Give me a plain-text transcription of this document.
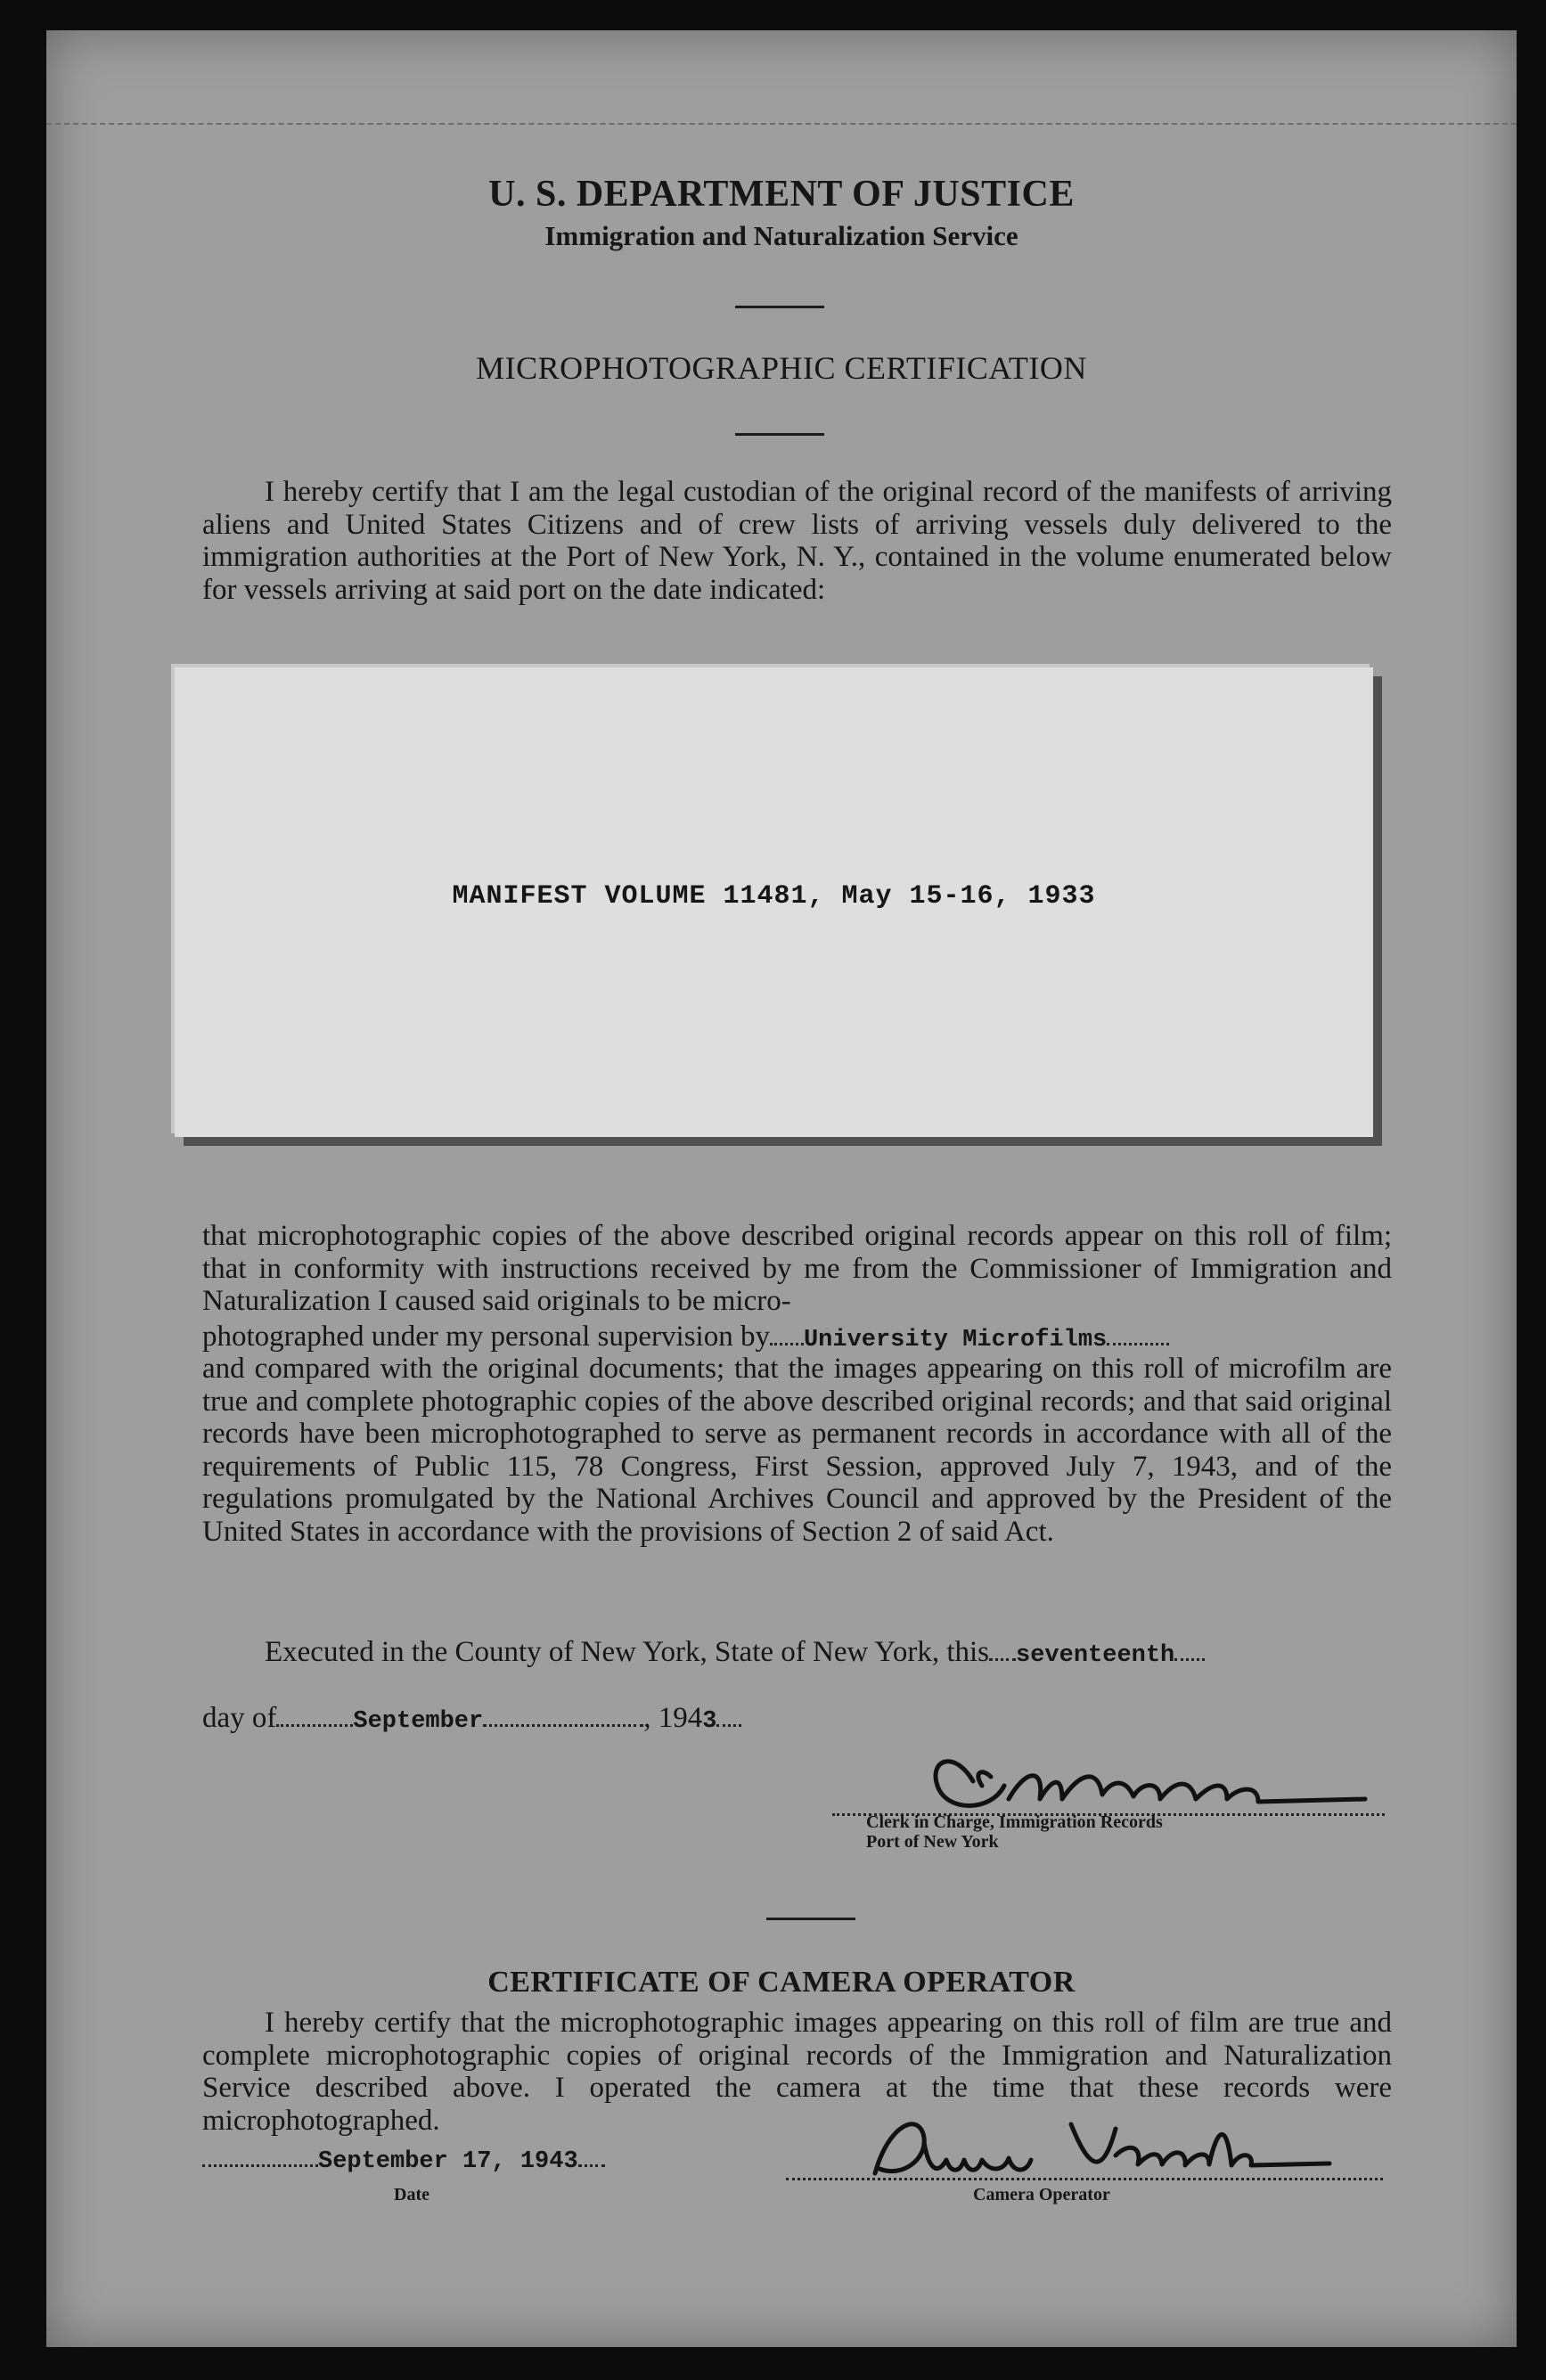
U. S. DEPARTMENT OF JUSTICE
Immigration and Naturalization Service
MICROPHOTOGRAPHIC CERTIFICATION
I hereby certify that I am the legal custodian of the original record of the manifests of arriving aliens and United States Citizens and of crew lists of arriving vessels duly delivered to the immigration authorities at the Port of New York, N. Y., contained in the volume enumerated below for vessels arriving at said port on the date indicated:
MANIFEST VOLUME 11481, May 15-16, 1933
that microphotographic copies of the above described original records appear on this roll of film; that in conformity with instructions received by me from the Commissioner of Immigration and Naturalization I caused said originals to be micro-
photographed under my personal supervision by University Microfilms
and compared with the original documents; that the images appearing on this roll of microfilm are true and complete photographic copies of the above described original records; and that said original records have been microphotographed to serve as permanent records in accordance with all of the requirements of Public 115, 78 Congress, First Session, approved July 7, 1943, and of the regulations promulgated by the National Archives Council and approved by the President of the United States in accordance with the provisions of Section 2 of said Act.
Executed in the County of New York, State of New York, this seventeenth
day of	September	, 1943
Clerk in Charge, Immigration Records
Port of New York
CERTIFICATE OF CAMERA OPERATOR
I hereby certify that the microphotographic images appearing on this roll of film are true and complete microphotographic copies of original records of the Immigration and Naturalization Service described above. I operated the camera at the time that these records were microphotographed.
September 17, 1943
Date	Camera Operator
